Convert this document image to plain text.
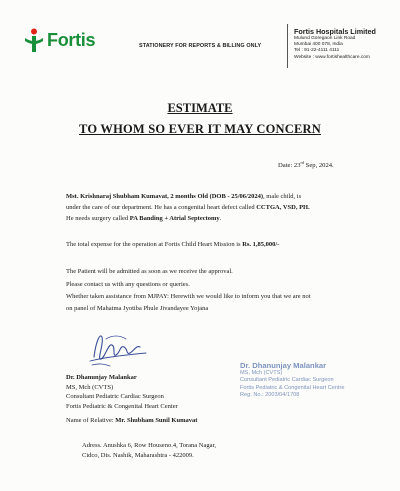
Fortis	STATIONERY FOR REPORTS & BILLING ONLY
Fortis Hospitals Limited
Mulund Goregaon Link Road
Mumbai 400 078, India
Tel : 91-22-4111 4111
Website : www.fortishealthcare.com
ESTIMATE
TO WHOM SO EVER IT MAY CONCERN
Date: 23rd Sep, 2024.
Mst. Krishnaraj Shubham Kumavat, 2 months Old (DOB - 25/06/2024), male child, is
under the care of our department. He has a congenital heart defect called CCTGA, VSD, PH.
He needs surgery called PA Banding + Atrial Septectomy.
The total expense for the operation at Fortis Child Heart Mission is Rs. 1,85,000/-
The Patient will be admitted as soon as we receive the approval.
Please contact us with any questions or queries.
Whether taken assistance from MJPAY: Herewith we would like to inform you that we are not
on panel of Mahatma Jyotiba Phule Jivandayee Yojana
Dr. Dhanunjay Malankar
MS, Mch (CVTS)
Consultant Pediatric Cardiac Surgeon
Fortis Pediatric & Congenital Heart Center
Dr. Dhanunjay Malankar
MS, Mch (CVTS)
Consultant Pediatric Cardiac Surgeon
Fortis Pediatric & Congenital Heart Centre
Reg. No.: 2003/04/1708
Name of Relative: Mr. Shubham Sunil Kumavat
Adress. Anushka 6, Row Houseno.4, Torana Nagar,
Cidco, Dis. Nashik, Maharashtra - 422009.
